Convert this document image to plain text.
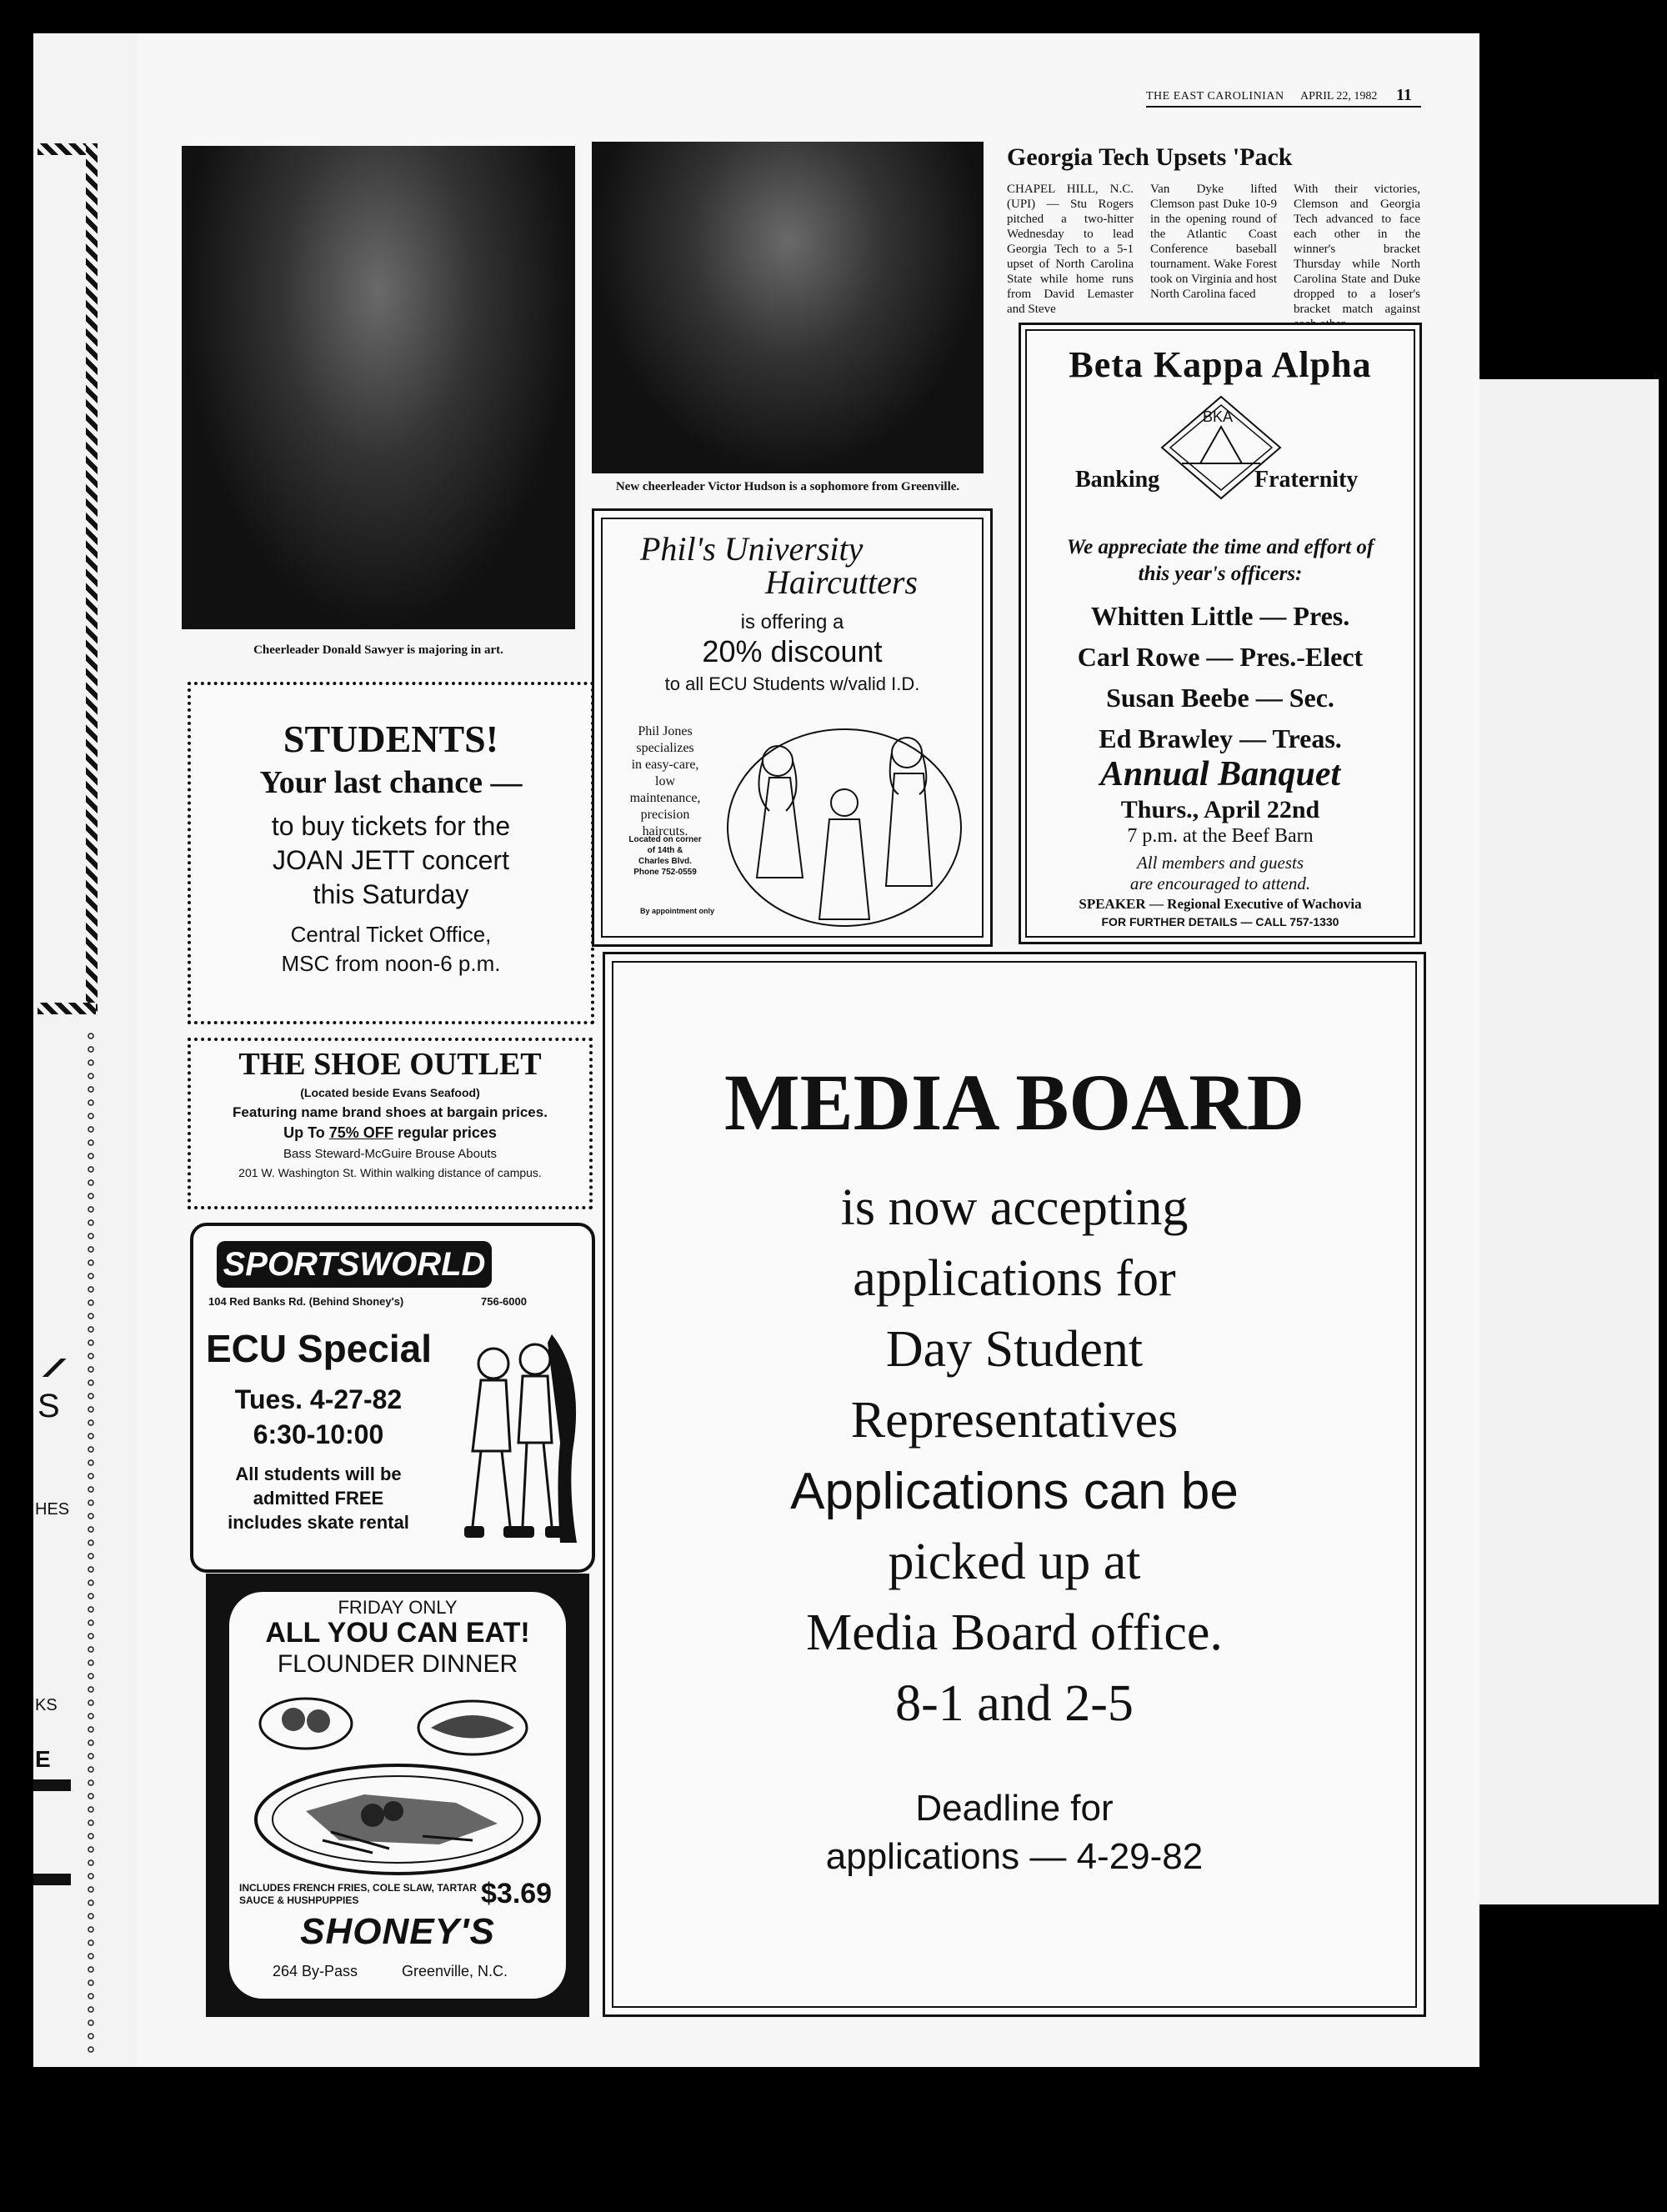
S
HES
KS
E
THE EAST CAROLINIAN APRIL 22, 1982 11
Cheerleader Donald Sawyer is majoring in art.
New cheerleader Victor Hudson is a sophomore from Greenville.
Georgia Tech Upsets 'Pack
CHAPEL HILL, N.C. (UPI) — Stu Rogers pitched a two-hitter Wednesday to lead Georgia Tech to a 5-1 upset of North Carolina State while home runs from David Lemaster and Steve
Van Dyke lifted Clemson past Duke 10-9 in the opening round of the Atlantic Coast Conference baseball tournament. Wake Forest took on Virginia and host North Carolina faced
With their victories, Clemson and Georgia Tech advanced to face each other in the winner's bracket Thursday while North Carolina State and Duke dropped to a loser's bracket match against
STUDENTS!
Your last chance —
to buy tickets for the
JOAN JETT concert
this Saturday
Central Ticket Office,
MSC from noon-6 p.m.
Phil's University
Haircutters
is offering a
20% discount
to all ECU Students w/valid I.D.
Phil Jones
specializes
in easy-care,
low maintenance,
precision
haircuts.
Located on corner
of 14th &
Charles Blvd.
Phone 752-0559
By appointment only
Beta Kappa Alpha
BKA
Banking	Fraternity
We appreciate the time and effort of
this year's officers:
Whitten Little — Pres.
Carl Rowe — Pres.-Elect
Susan Beebe — Sec.
Ed Brawley — Treas.
Annual Banquet
Thurs., April 22nd
7 p.m. at the Beef Barn
All members and guests
are encouraged to attend.
SPEAKER — Regional Executive of Wachovia
FOR FURTHER DETAILS — CALL 757-1330
THE SHOE OUTLET
(Located beside Evans Seafood)
Featuring name brand shoes at bargain prices.
Up To 75% OFF regular prices
Bass Steward-McGuire Brouse Abouts
201 W. Washington St. Within walking distance of campus.
SPORTSWORLD
104 Red Banks Rd. (Behind Shoney's)	756-6000
ECU Special
Tues. 4-27-82
6:30-10:00
All students will be
admitted FREE
includes skate rental
FRIDAY ONLY
ALL YOU CAN EAT!
FLOUNDER DINNER
INCLUDES FRENCH FRIES, COLE SLAW, TARTAR SAUCE & HUSHPUPPIES	$3.69
SHONEY'S
264 By-Pass	Greenville, N.C.
MEDIA BOARD
is now accepting
applications for
Day Student
Representatives
Applications can be
picked up at
Media Board office.
8-1 and 2-5
Deadline for
applications — 4-29-82
